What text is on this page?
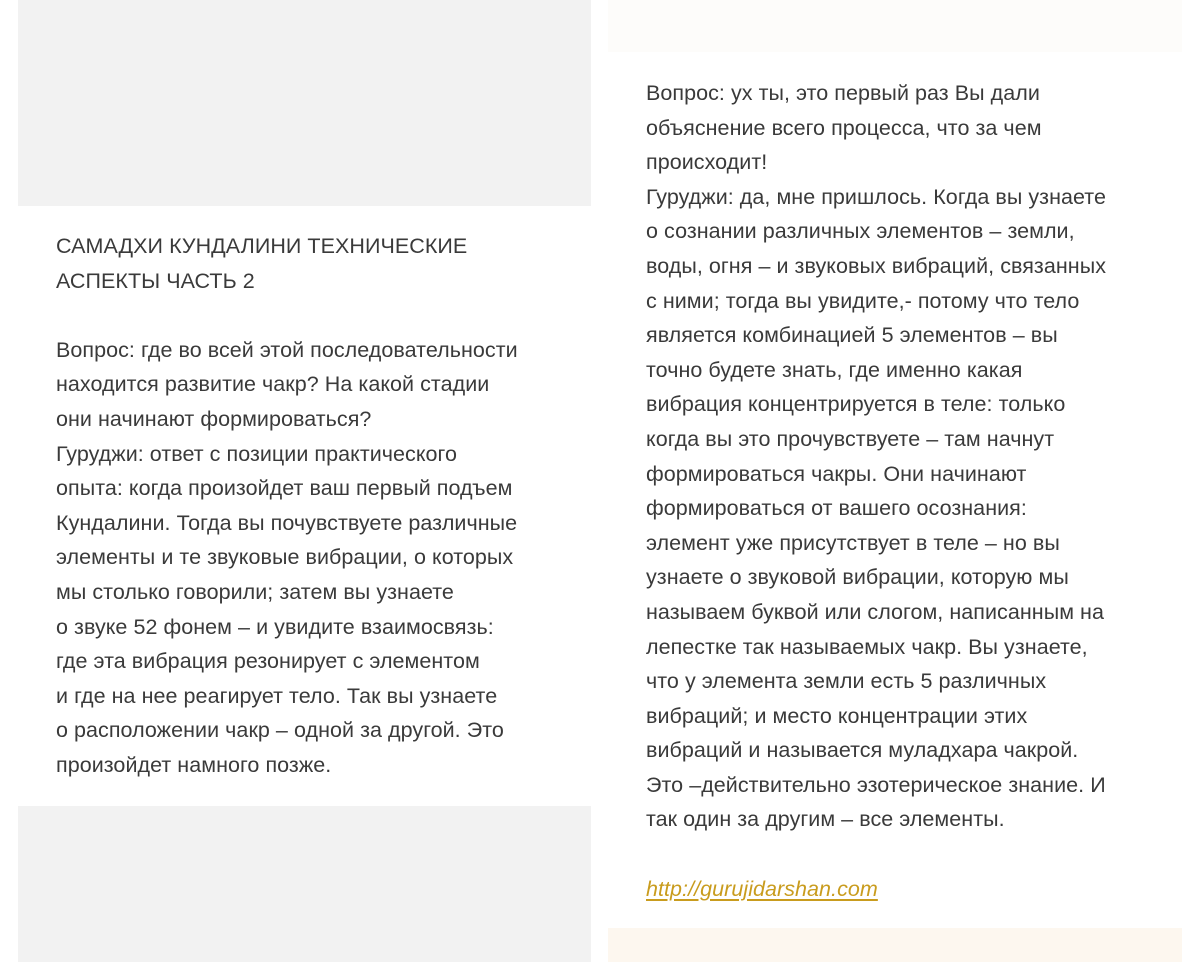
САМАДХИ КУНДАЛИНИ ТЕХНИЧЕСКИЕ
АСПЕКТЫ ЧАСТЬ 2
Вопрос: где во всей этой последовательности
находится развитие чакр? На какой стадии
они начинают формироваться?
Гуруджи: ответ с позиции практического
опыта: когда произойдет ваш первый подъем
Кундалини. Тогда вы почувствуете различные
элементы и те звуковые вибрации, о которых
мы столько говорили; затем вы узнаете
о звуке 52 фонем – и увидите взаимосвязь:
где эта вибрация резонирует с элементом
и где на нее реагирует тело. Так вы узнаете
о расположении чакр – одной за другой. Это
произойдет намного позже.
Вопрос: ух ты, это первый раз Вы дали
объяснение всего процесса, что за чем
происходит!
Гуруджи: да, мне пришлось. Когда вы узнаете
о сознании различных элементов – земли,
воды, огня – и звуковых вибраций, связанных
с ними; тогда вы увидите,- потому что тело
является комбинацией 5 элементов – вы
точно будете знать, где именно какая
вибрация концентрируется в теле: только
когда вы это прочувствуете – там начнут
формироваться чакры. Они начинают
формироваться от вашего осознания:
элемент уже присутствует в теле – но вы
узнаете о звуковой вибрации, которую мы
называем буквой или слогом, написанным на
лепестке так называемых чакр. Вы узнаете,
что у элемента земли есть 5 различных
вибраций; и место концентрации этих
вибраций и называется муладхара чакрой.
Это –действительно эзотерическое знание. И
так один за другим – все элементы.
http://gurujidarshan.com
